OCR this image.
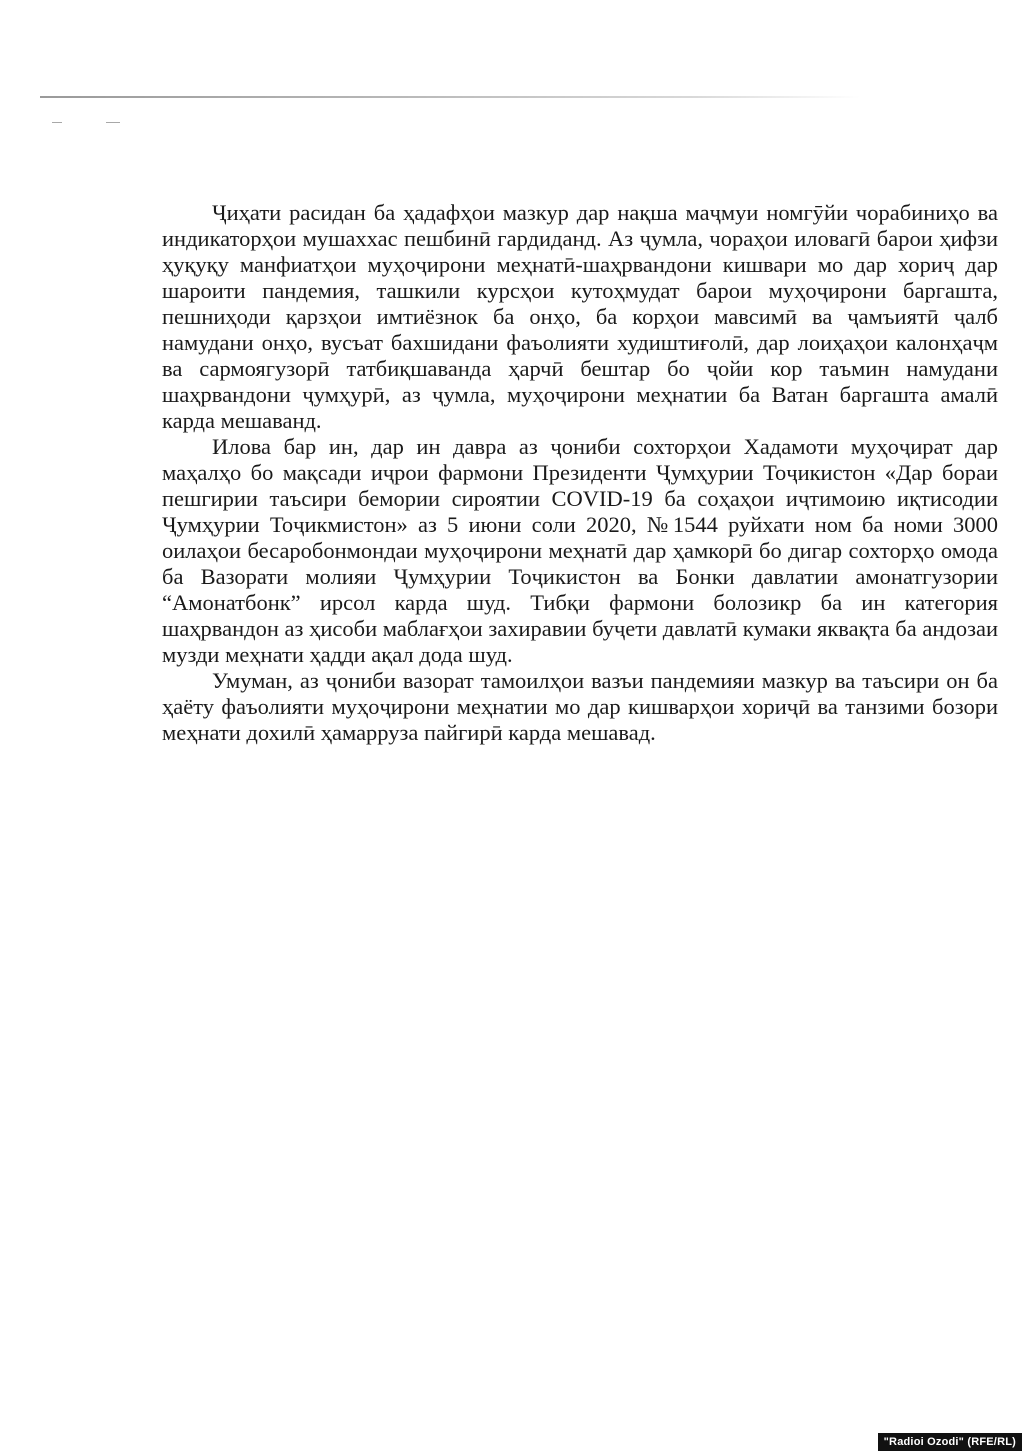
Ҷиҳати расидан ба ҳадафҳои мазкур дар нақша маҷмуи номгӯйи чорабиниҳо ва индикаторҳои мушаххас пешбинӣ гардиданд. Аз ҷумла, чораҳои иловагӣ барои ҳифзи ҳуқуқу манфиатҳои муҳоҷирони меҳнатӣ-шаҳрвандони кишвари мо дар хориҷ дар шароити пандемия, ташкили курсҳои кутоҳмудат барои муҳоҷирони баргашта, пешниҳоди қарзҳои имтиёзнок ба онҳо, ба корҳои мавсимӣ ва ҷамъиятӣ ҷалб намудани онҳо, вусъат бахшидани фаъолияти худиштиғолӣ, дар лоиҳаҳои калонҳаҷм ва сармоягузорӣ татбиқшаванда ҳарчӣ бештар бо ҷойи кор таъмин намудани шаҳрвандони ҷумҳурӣ, аз ҷумла, муҳоҷирони меҳнатии ба Ватан баргашта амалӣ карда мешаванд.

Илова бар ин, дар ин давра аз ҷониби сохторҳои Хадамоти муҳоҷират дар маҳалҳо бо мақсади иҷрои фармони Президенти Ҷумҳурии Тоҷикистон «Дар бораи пешгирии таъсири бемории сироятии COVID-19 ба соҳаҳои иҷтимоию иқтисодии Ҷумҳурии Тоҷикмистон» аз 5 июни соли 2020, №1544 руйхати ном ба номи 3000 оилаҳои бесаробонмондаи муҳоҷирони меҳнатӣ дар ҳамкорӣ бо дигар сохторҳо омода ба Вазорати молияи Ҷумҳурии Тоҷикистон ва Бонки давлатии амонатгузории “Амонатбонк” ирсол карда шуд. Тибқи фармони болозикр ба ин категория шаҳрвандон аз ҳисоби маблағҳои захиравии буҷети давлатӣ кумаки яквақта ба андозаи музди меҳнати ҳадди ақал дода шуд.

Умуман, аз ҷониби вазорат тамоилҳои вазъи пандемияи мазкур ва таъсири он ба ҳаёту фаъолияти муҳоҷирони меҳнатии мо дар кишварҳои хориҷӣ ва танзими бозори меҳнати дохилӣ ҳамарруза пайгирӣ карда мешавад.

"Radioi Ozodi" (RFE/RL)
